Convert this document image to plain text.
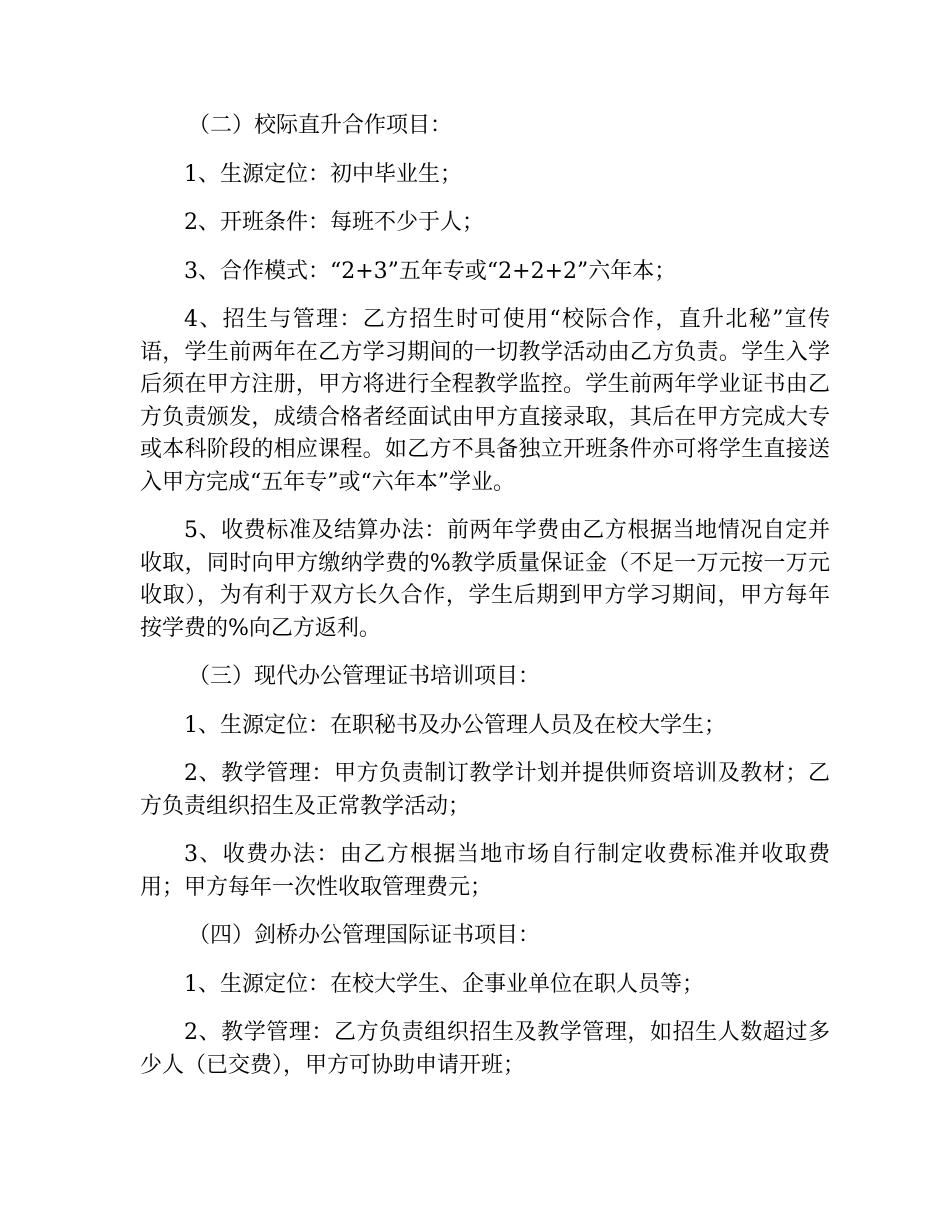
（二）校际直升合作项目：

1、生源定位：初中毕业生；

2、开班条件：每班不少于人；

3、合作模式：“2+3”五年专或“2+2+2”六年本；

4、招生与管理：乙方招生时可使用“校际合作，直升北秘”宣传语，学生前两年在乙方学习期间的一切教学活动由乙方负责。学生入学后须在甲方注册，甲方将进行全程教学监控。学生前两年学业证书由乙方负责颁发，成绩合格者经面试由甲方直接录取，其后在甲方完成大专或本科阶段的相应课程。如乙方不具备独立开班条件亦可将学生直接送入甲方完成“五年专”或“六年本”学业。

5、收费标准及结算办法：前两年学费由乙方根据当地情况自定并收取，同时向甲方缴纳学费的%教学质量保证金（不足一万元按一万元收取），为有利于双方长久合作，学生后期到甲方学习期间，甲方每年按学费的%向乙方返利。

（三）现代办公管理证书培训项目：

1、生源定位：在职秘书及办公管理人员及在校大学生；

2、教学管理：甲方负责制订教学计划并提供师资培训及教材；乙方负责组织招生及正常教学活动；

3、收费办法：由乙方根据当地市场自行制定收费标准并收取费用；甲方每年一次性收取管理费元；

（四）剑桥办公管理国际证书项目：

1、生源定位：在校大学生、企事业单位在职人员等；

2、教学管理：乙方负责组织招生及教学管理，如招生人数超过多少人（已交费），甲方可协助申请开班；
